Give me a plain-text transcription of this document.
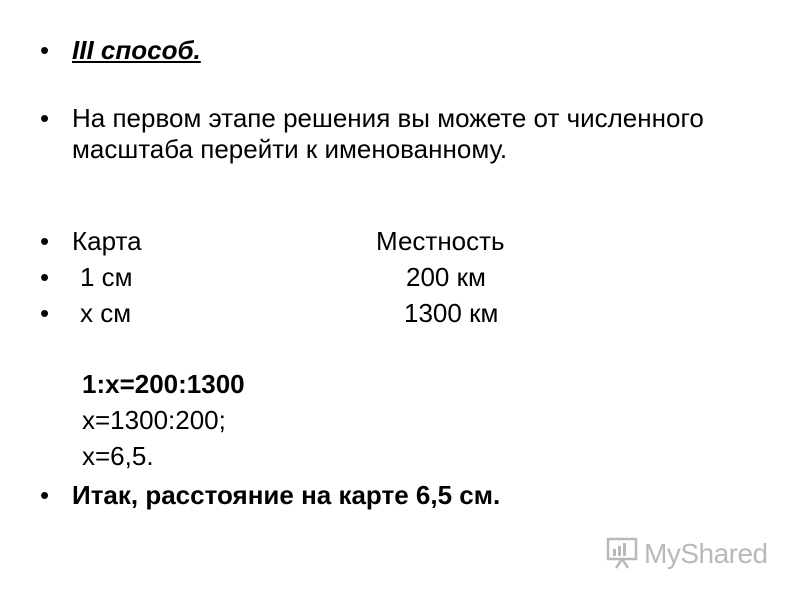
• III способ.
• На первом этапе решения вы можете от численного
масштаба перейти к именованному.
• Карта	Местность
• 1 см	200 км
• х см	1300 км
1:х=200:1300
х=1300:200;
х=6,5.
• Итак, расстояние на карте 6,5 см.
MyShared
